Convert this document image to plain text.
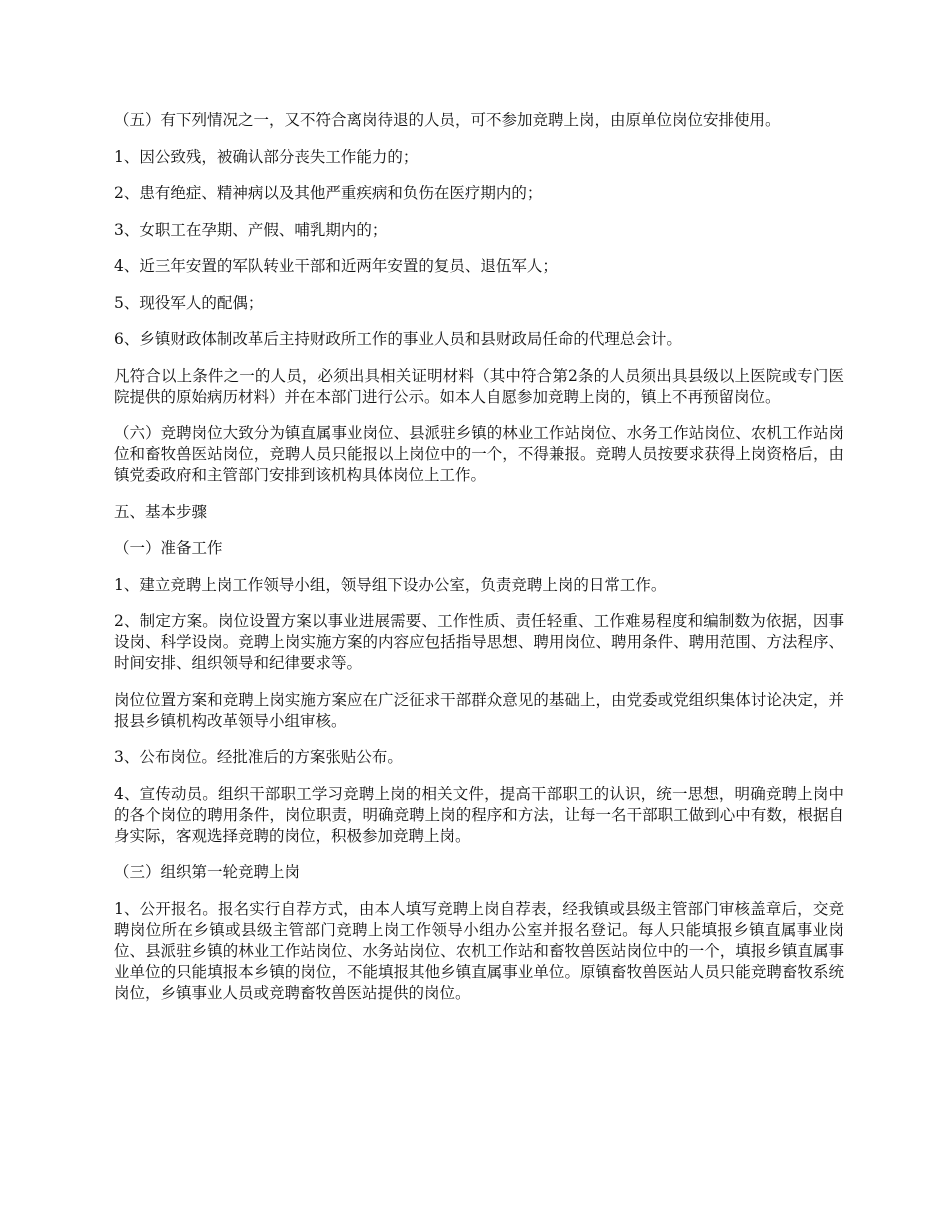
（五）有下列情况之一，又不符合离岗待退的人员，可不参加竞聘上岗，由原单位岗位安排使用。

1、因公致残，被确认部分丧失工作能力的；

2、患有绝症、精神病以及其他严重疾病和负伤在医疗期内的；

3、女职工在孕期、产假、哺乳期内的；

4、近三年安置的军队转业干部和近两年安置的复员、退伍军人；

5、现役军人的配偶；

6、乡镇财政体制改革后主持财政所工作的事业人员和县财政局任命的代理总会计。

凡符合以上条件之一的人员，必须出具相关证明材料（其中符合第2条的人员须出具县级以上医院或专门医院提供的原始病历材料）并在本部门进行公示。如本人自愿参加竞聘上岗的，镇上不再预留岗位。

（六）竞聘岗位大致分为镇直属事业岗位、县派驻乡镇的林业工作站岗位、水务工作站岗位、农机工作站岗位和畜牧兽医站岗位，竞聘人员只能报以上岗位中的一个，不得兼报。竞聘人员按要求获得上岗资格后，由镇党委政府和主管部门安排到该机构具体岗位上工作。

五、基本步骤

（一）准备工作

1、建立竞聘上岗工作领导小组，领导组下设办公室，负责竞聘上岗的日常工作。

2、制定方案。岗位设置方案以事业进展需要、工作性质、责任轻重、工作难易程度和编制数为依据，因事设岗、科学设岗。竞聘上岗实施方案的内容应包括指导思想、聘用岗位、聘用条件、聘用范围、方法程序、时间安排、组织领导和纪律要求等。

岗位位置方案和竞聘上岗实施方案应在广泛征求干部群众意见的基础上，由党委或党组织集体讨论决定，并报县乡镇机构改革领导小组审核。

3、公布岗位。经批准后的方案张贴公布。

4、宣传动员。组织干部职工学习竞聘上岗的相关文件，提高干部职工的认识，统一思想，明确竞聘上岗中的各个岗位的聘用条件，岗位职责，明确竞聘上岗的程序和方法，让每一名干部职工做到心中有数，根据自身实际，客观选择竞聘的岗位，积极参加竞聘上岗。

（三）组织第一轮竞聘上岗

1、公开报名。报名实行自荐方式，由本人填写竞聘上岗自荐表，经我镇或县级主管部门审核盖章后，交竞聘岗位所在乡镇或县级主管部门竞聘上岗工作领导小组办公室并报名登记。每人只能填报乡镇直属事业岗位、县派驻乡镇的林业工作站岗位、水务站岗位、农机工作站和畜牧兽医站岗位中的一个，填报乡镇直属事业单位的只能填报本乡镇的岗位，不能填报其他乡镇直属事业单位。原镇畜牧兽医站人员只能竞聘畜牧系统岗位，乡镇事业人员或竞聘畜牧兽医站提供的岗位。
